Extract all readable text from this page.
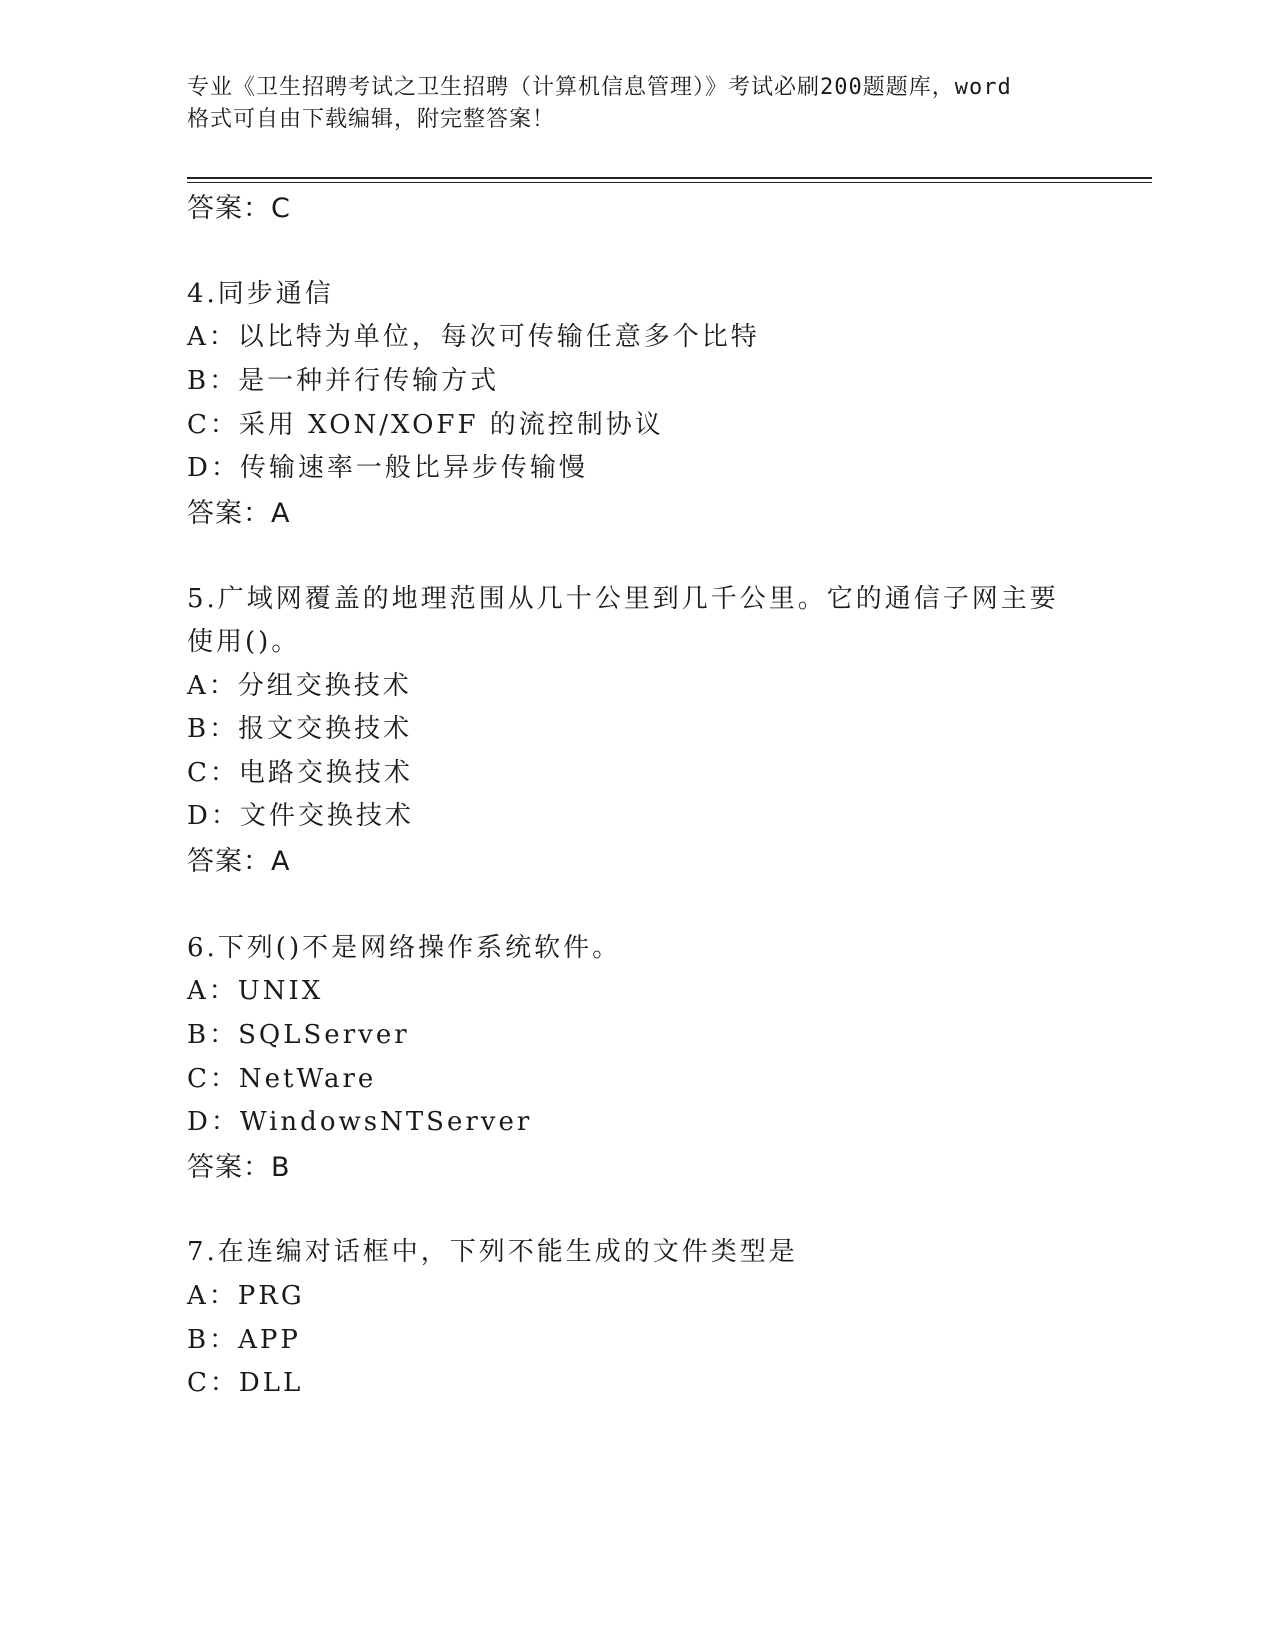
专业《卫生招聘考试之卫生招聘（计算机信息管理）》考试必刷200题题库，word
格式可自由下载编辑，附完整答案！
答案：C
4.同步通信
A：以比特为单位，每次可传输任意多个比特
B：是一种并行传输方式
C：采用 XON/XOFF 的流控制协议
D：传输速率一般比异步传输慢
答案：A
5.广域网覆盖的地理范围从几十公里到几千公里。它的通信子网主要
使用()。
A：分组交换技术
B：报文交换技术
C：电路交换技术
D：文件交换技术
答案：A
6.下列()不是网络操作系统软件。
A：UNIX
B：SQLServer
C：NetWare
D：WindowsNTServer
答案：B
7.在连编对话框中，下列不能生成的文件类型是
A：PRG
B：APP
C：DLL
